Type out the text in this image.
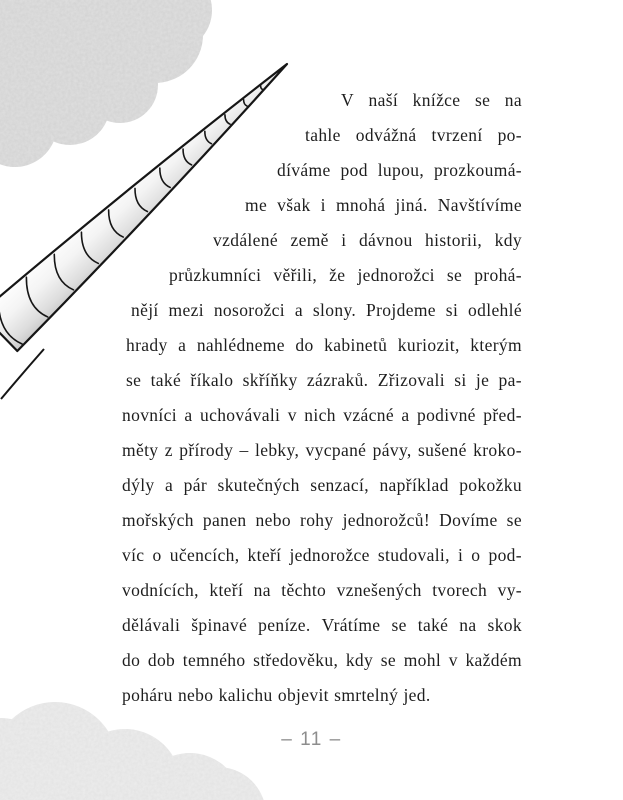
V naší knížce se na
tahle odvážná tvrzení po-
díváme pod lupou, prozkoumá-
me však i mnohá jiná. Navštívíme
vzdálené země i dávnou historii, kdy
průzkumníci věřili, že jednorožci se prohá-
nějí mezi nosorožci a slony. Projdeme si odlehlé
hrady a nahlédneme do kabinetů kuriozit, kterým
se také říkalo skříňky zázraků. Zřizovali si je pa-
novníci a uchovávali v nich vzácné a podivné před-
měty z přírody – lebky, vycpané pávy, sušené kroko-
dýly a pár skutečných senzací, například pokožku
mořských panen nebo rohy jednorožců! Dovíme se
víc o učencích, kteří jednorožce studovali, i o pod-
vodnících, kteří na těchto vznešených tvorech vy-
dělávali špinavé peníze. Vrátíme se také na skok
do dob temného středověku, kdy se mohl v každém
poháru nebo kalichu objevit smrtelný jed.
– 11 –
